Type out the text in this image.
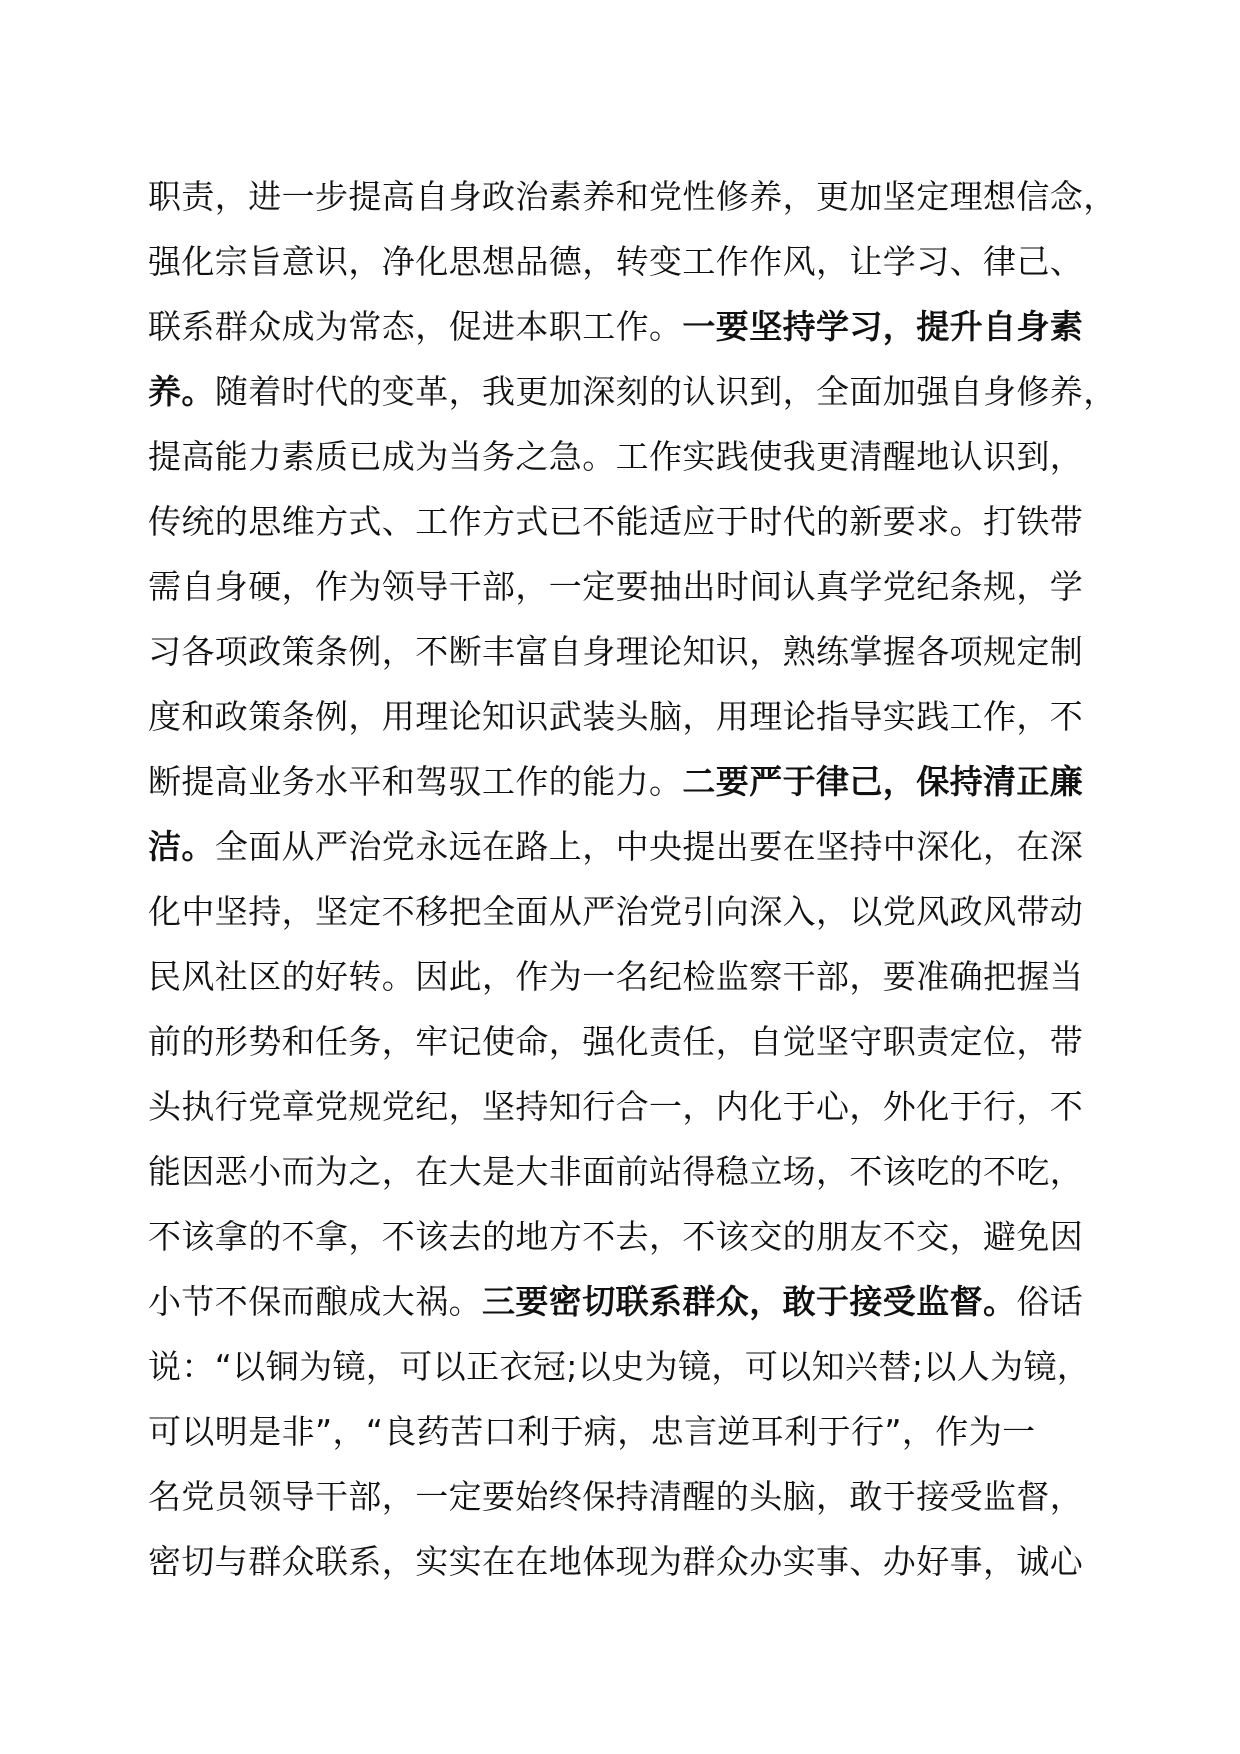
职责，进一步提高自身政治素养和党性修养，更加坚定理想信念，
强化宗旨意识，净化思想品德，转变工作作风，让学习、律己、
联系群众成为常态，促进本职工作。一要坚持学习，提升自身素
养。随着时代的变革，我更加深刻的认识到，全面加强自身修养，
提高能力素质已成为当务之急。工作实践使我更清醒地认识到，
传统的思维方式、工作方式已不能适应于时代的新要求。打铁带
需自身硬，作为领导干部，一定要抽出时间认真学党纪条规，学
习各项政策条例，不断丰富自身理论知识，熟练掌握各项规定制
度和政策条例，用理论知识武装头脑，用理论指导实践工作，不
断提高业务水平和驾驭工作的能力。二要严于律己，保持清正廉
洁。全面从严治党永远在路上，中央提出要在坚持中深化，在深
化中坚持，坚定不移把全面从严治党引向深入，以党风政风带动
民风社区的好转。因此，作为一名纪检监察干部，要准确把握当
前的形势和任务，牢记使命，强化责任，自觉坚守职责定位，带
头执行党章党规党纪，坚持知行合一，内化于心，外化于行，不
能因恶小而为之，在大是大非面前站得稳立场，不该吃的不吃，
不该拿的不拿，不该去的地方不去，不该交的朋友不交，避免因
小节不保而酿成大祸。三要密切联系群众，敢于接受监督。俗话
说：“以铜为镜，可以正衣冠;以史为镜，可以知兴替;以人为镜，
可以明是非”，“良药苦口利于病，忠言逆耳利于行”，作为一
名党员领导干部，一定要始终保持清醒的头脑，敢于接受监督，
密切与群众联系，实实在在地体现为群众办实事、办好事，诚心
